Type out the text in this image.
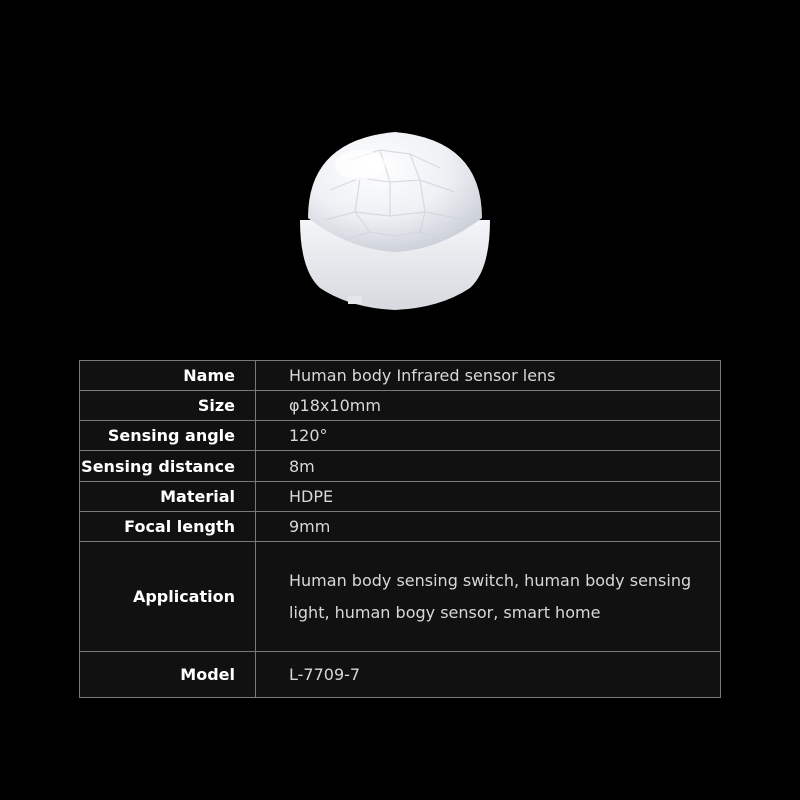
Name	Human body Infrared sensor lens
Size	φ18x10mm
Sensing angle	120°
Sensing distance	8m
Material	HDPE
Focal length	9mm
Application	Human body sensing switch, human body sensing light, human bogy sensor, smart home
Model	L-7709-7
